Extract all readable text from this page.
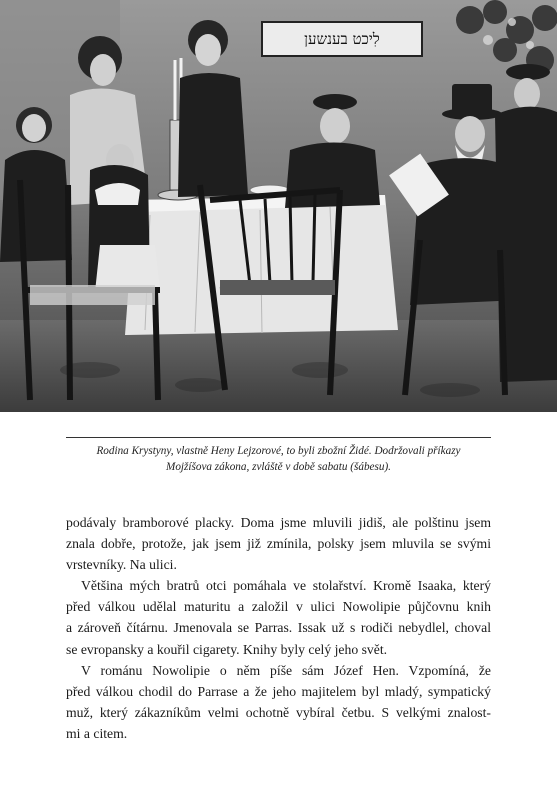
לִיכט בענשען
Rodina Krystyny, vlastně Heny Lejzorové, to byli zbožní Židé. Dodržovali příkazy
Mojžíšova zákona, zvláště v době sabatu (šábesu).
podávaly bramborové placky. Doma jsme mluvili jidiš, ale polštinu jsem
znala dobře, protože, jak jsem již zmínila, polsky jsem mluvila se svými
vrstevníky. Na ulici.
Většina mých bratrů otci pomáhala ve stolařství. Kromě Isaaka, který
před válkou udělal maturitu a založil v ulici Nowolipie půjčovnu knih
a zároveň čítárnu. Jmenovala se Parras. Issak už s rodiči nebydlel, choval
se evropansky a kouřil cigarety. Knihy byly celý jeho svět.
V románu Nowolipie o něm píše sám Józef Hen. Vzpomíná, že
před válkou chodil do Parrase a že jeho majitelem byl mladý, sympatický
muž, který zákazníkům velmi ochotně vybíral četbu. S velkými znalost-
mi a citem.
